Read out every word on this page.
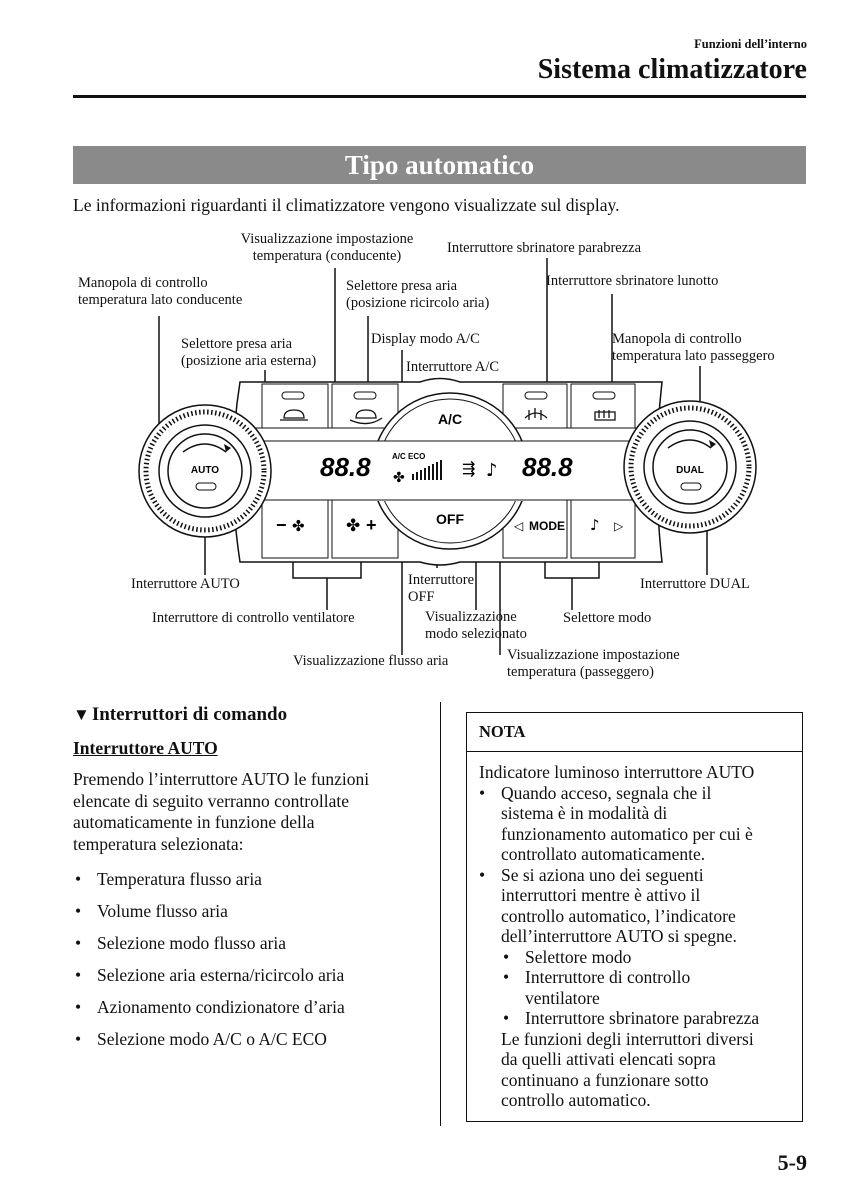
Funzioni dell’interno
Sistema climatizzatore
Tipo automatico
Le informazioni riguardanti il climatizzatore vengono visualizzate sul display.
AUTO	DUAL
A/C
OFF	MODE
◁	▷
♪
− ✤ ✤ +
88.8	88.8
A/C ECO
✤	⇶ ♪
Visualizzazione impostazione
temperatura (conducente)	Interruttore sbrinatore parabrezza
Manopola di controllo
temperatura lato conducente
Selettore presa aria
(posizione ricircolo aria)
Interruttore sbrinatore lunotto
Selettore presa aria
(posizione aria esterna)
Display modo A/C	Manopola di controllo
temperatura lato passeggero
Interruttore A/C
Interruttore AUTO	Interruttore
OFF
Interruttore DUAL
Interruttore di controllo ventilatore	Visualizzazione
modo selezionato
Selettore modo
Visualizzazione flusso aria	Visualizzazione impostazione
temperatura (passeggero)
▼ Interruttori di comando
Interruttore AUTO
Premendo l’interruttore AUTO le funzioni
elencate di seguito verranno controllate
automaticamente in funzione della
temperatura selezionata:
• Temperatura flusso aria
• Volume flusso aria
• Selezione modo flusso aria
• Selezione aria esterna/ricircolo aria
• Azionamento condizionatore d’aria
• Selezione modo A/C o A/C ECO
NOTA
Indicatore luminoso interruttore AUTO
• Quando acceso, segnala che il
sistema è in modalità di
funzionamento automatico per cui è
controllato automaticamente.
• Se si aziona uno dei seguenti
interruttori mentre è attivo il
controllo automatico, l’indicatore
dell’interruttore AUTO si spegne.
• Selettore modo
• Interruttore di controllo
ventilatore
• Interruttore sbrinatore parabrezza
Le funzioni degli interruttori diversi
da quelli attivati elencati sopra
continuano a funzionare sotto
controllo automatico.
5-9
